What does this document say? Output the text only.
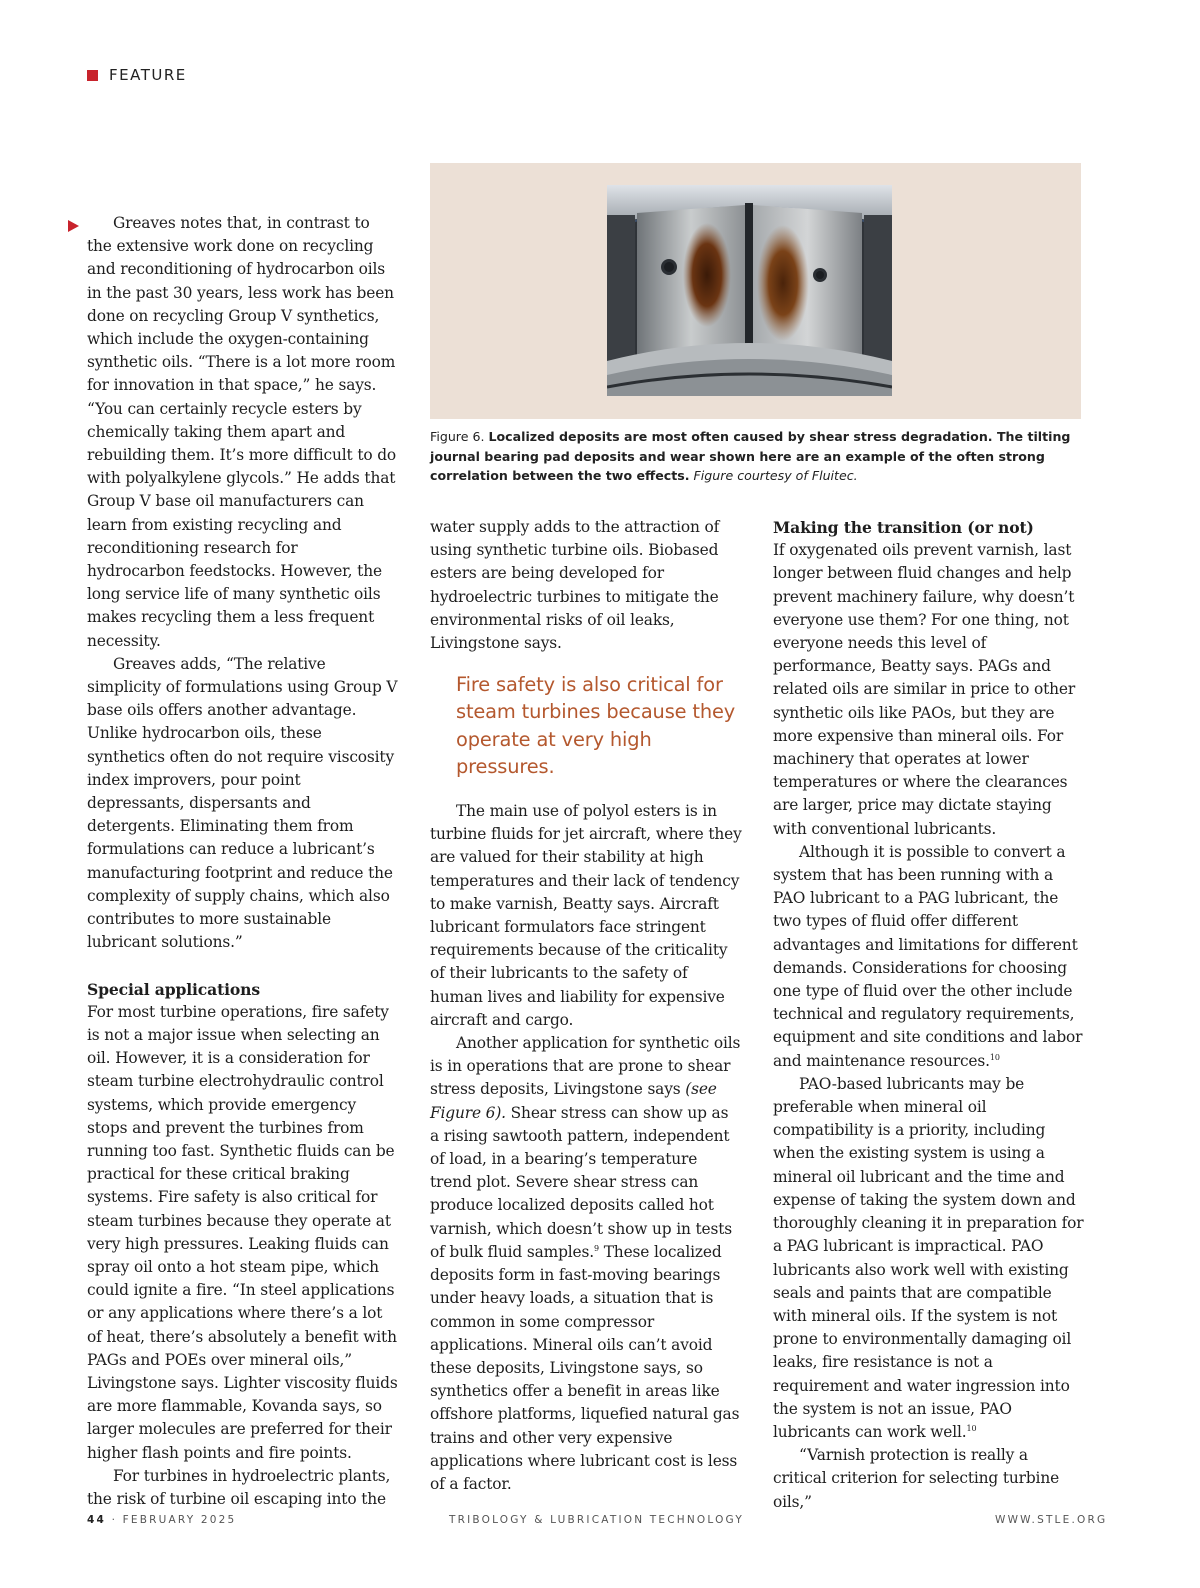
FEATURE
Figure 6. Localized deposits are most often caused by shear stress degradation. The tilting journal bearing pad deposits and wear shown here are an example of the often strong correlation between the two effects. Figure courtesy of Fluitec.

Greaves notes that, in contrast to the extensive work done on recycling and reconditioning of hydrocarbon oils in the past 30 years, less work has been done on recycling Group V synthetics, which include the oxygen-containing synthetic oils. “There is a lot more room for innovation in that space,” he says. “You can certainly recycle esters by chemically taking them apart and rebuilding them. It’s more difficult to do with polyalkylene glycols.” He adds that Group V base oil manufacturers can learn from existing recycling and reconditioning research for hydrocarbon feedstocks. However, the long service life of many synthetic oils makes recycling them a less frequent necessity.

Greaves adds, “The relative simplicity of formulations using Group V base oils offers another advantage. Unlike hydrocarbon oils, these synthetics often do not require viscosity index improvers, pour point depressants, dispersants and detergents. Eliminating them from formulations can reduce a lubricant’s manufacturing footprint and reduce the complexity of supply chains, which also contributes to more sustainable lubricant solutions.”

Special applications

For most turbine operations, fire safety is not a major issue when selecting an oil. However, it is a consideration for steam turbine electrohydraulic control systems, which provide emergency stops and prevent the turbines from running too fast. Synthetic fluids can be practical for these critical braking systems. Fire safety is also critical for steam turbines because they operate at very high pressures. Leaking fluids can spray oil onto a hot steam pipe, which could ignite a fire. “In steel applications or any applications where there’s a lot of heat, there’s absolutely a benefit with PAGs and POEs over mineral oils,” Livingstone says. Lighter viscosity fluids are more flammable, Kovanda says, so larger molecules are preferred for their higher flash points and fire points.

For turbines in hydroelectric plants, the risk of turbine oil escaping into the

water supply adds to the attraction of using synthetic turbine oils. Biobased esters are being developed for hydroelectric turbines to mitigate the environmental risks of oil leaks, Livingstone says.

Fire safety is also critical for steam turbines because they operate at very high pressures.

The main use of polyol esters is in turbine fluids for jet aircraft, where they are valued for their stability at high temperatures and their lack of tendency to make varnish, Beatty says. Aircraft lubricant formulators face stringent requirements because of the criticality of their lubricants to the safety of human lives and liability for expensive aircraft and cargo.

Another application for synthetic oils is in operations that are prone to shear stress deposits, Livingstone says (see Figure 6). Shear stress can show up as a rising sawtooth pattern, independent of load, in a bearing’s temperature trend plot. Severe shear stress can produce localized deposits called hot varnish, which doesn’t show up in tests of bulk fluid samples.$^9$ These localized deposits form in fast-moving bearings under heavy loads, a situation that is common in some compressor applications. Mineral oils can’t avoid these deposits, Livingstone says, so synthetics offer a benefit in areas like offshore platforms, liquefied natural gas trains and other very expensive applications where lubricant cost is less of a factor.

Making the transition (or not)

If oxygenated oils prevent varnish, last longer between fluid changes and help prevent machinery failure, why doesn’t everyone use them? For one thing, not everyone needs this level of performance, Beatty says. PAGs and related oils are similar in price to other synthetic oils like PAOs, but they are more expensive than mineral oils. For machinery that operates at lower temperatures or where the clearances are larger, price may dictate staying with conventional lubricants.

Although it is possible to convert a system that has been running with a PAO lubricant to a PAG lubricant, the two types of fluid offer different advantages and limitations for different demands. Considerations for choosing one type of fluid over the other include technical and regulatory requirements, equipment and site conditions and labor and maintenance resources.$^{10}$

PAO-based lubricants may be preferable when mineral oil compatibility is a priority, including when the existing system is using a mineral oil lubricant and the time and expense of taking the system down and thoroughly cleaning it in preparation for a PAG lubricant is impractical. PAO lubricants also work well with existing seals and paints that are compatible with mineral oils. If the system is not prone to environmentally damaging oil leaks, fire resistance is not a requirement and water ingression into the system is not an issue, PAO lubricants can work well.$^{10}$

“Varnish protection is really a critical criterion for selecting turbine oils,”

44 · FEBRUARY 2025	TRIBOLOGY & LUBRICATION TECHNOLOGY	WWW.STLE.ORG
